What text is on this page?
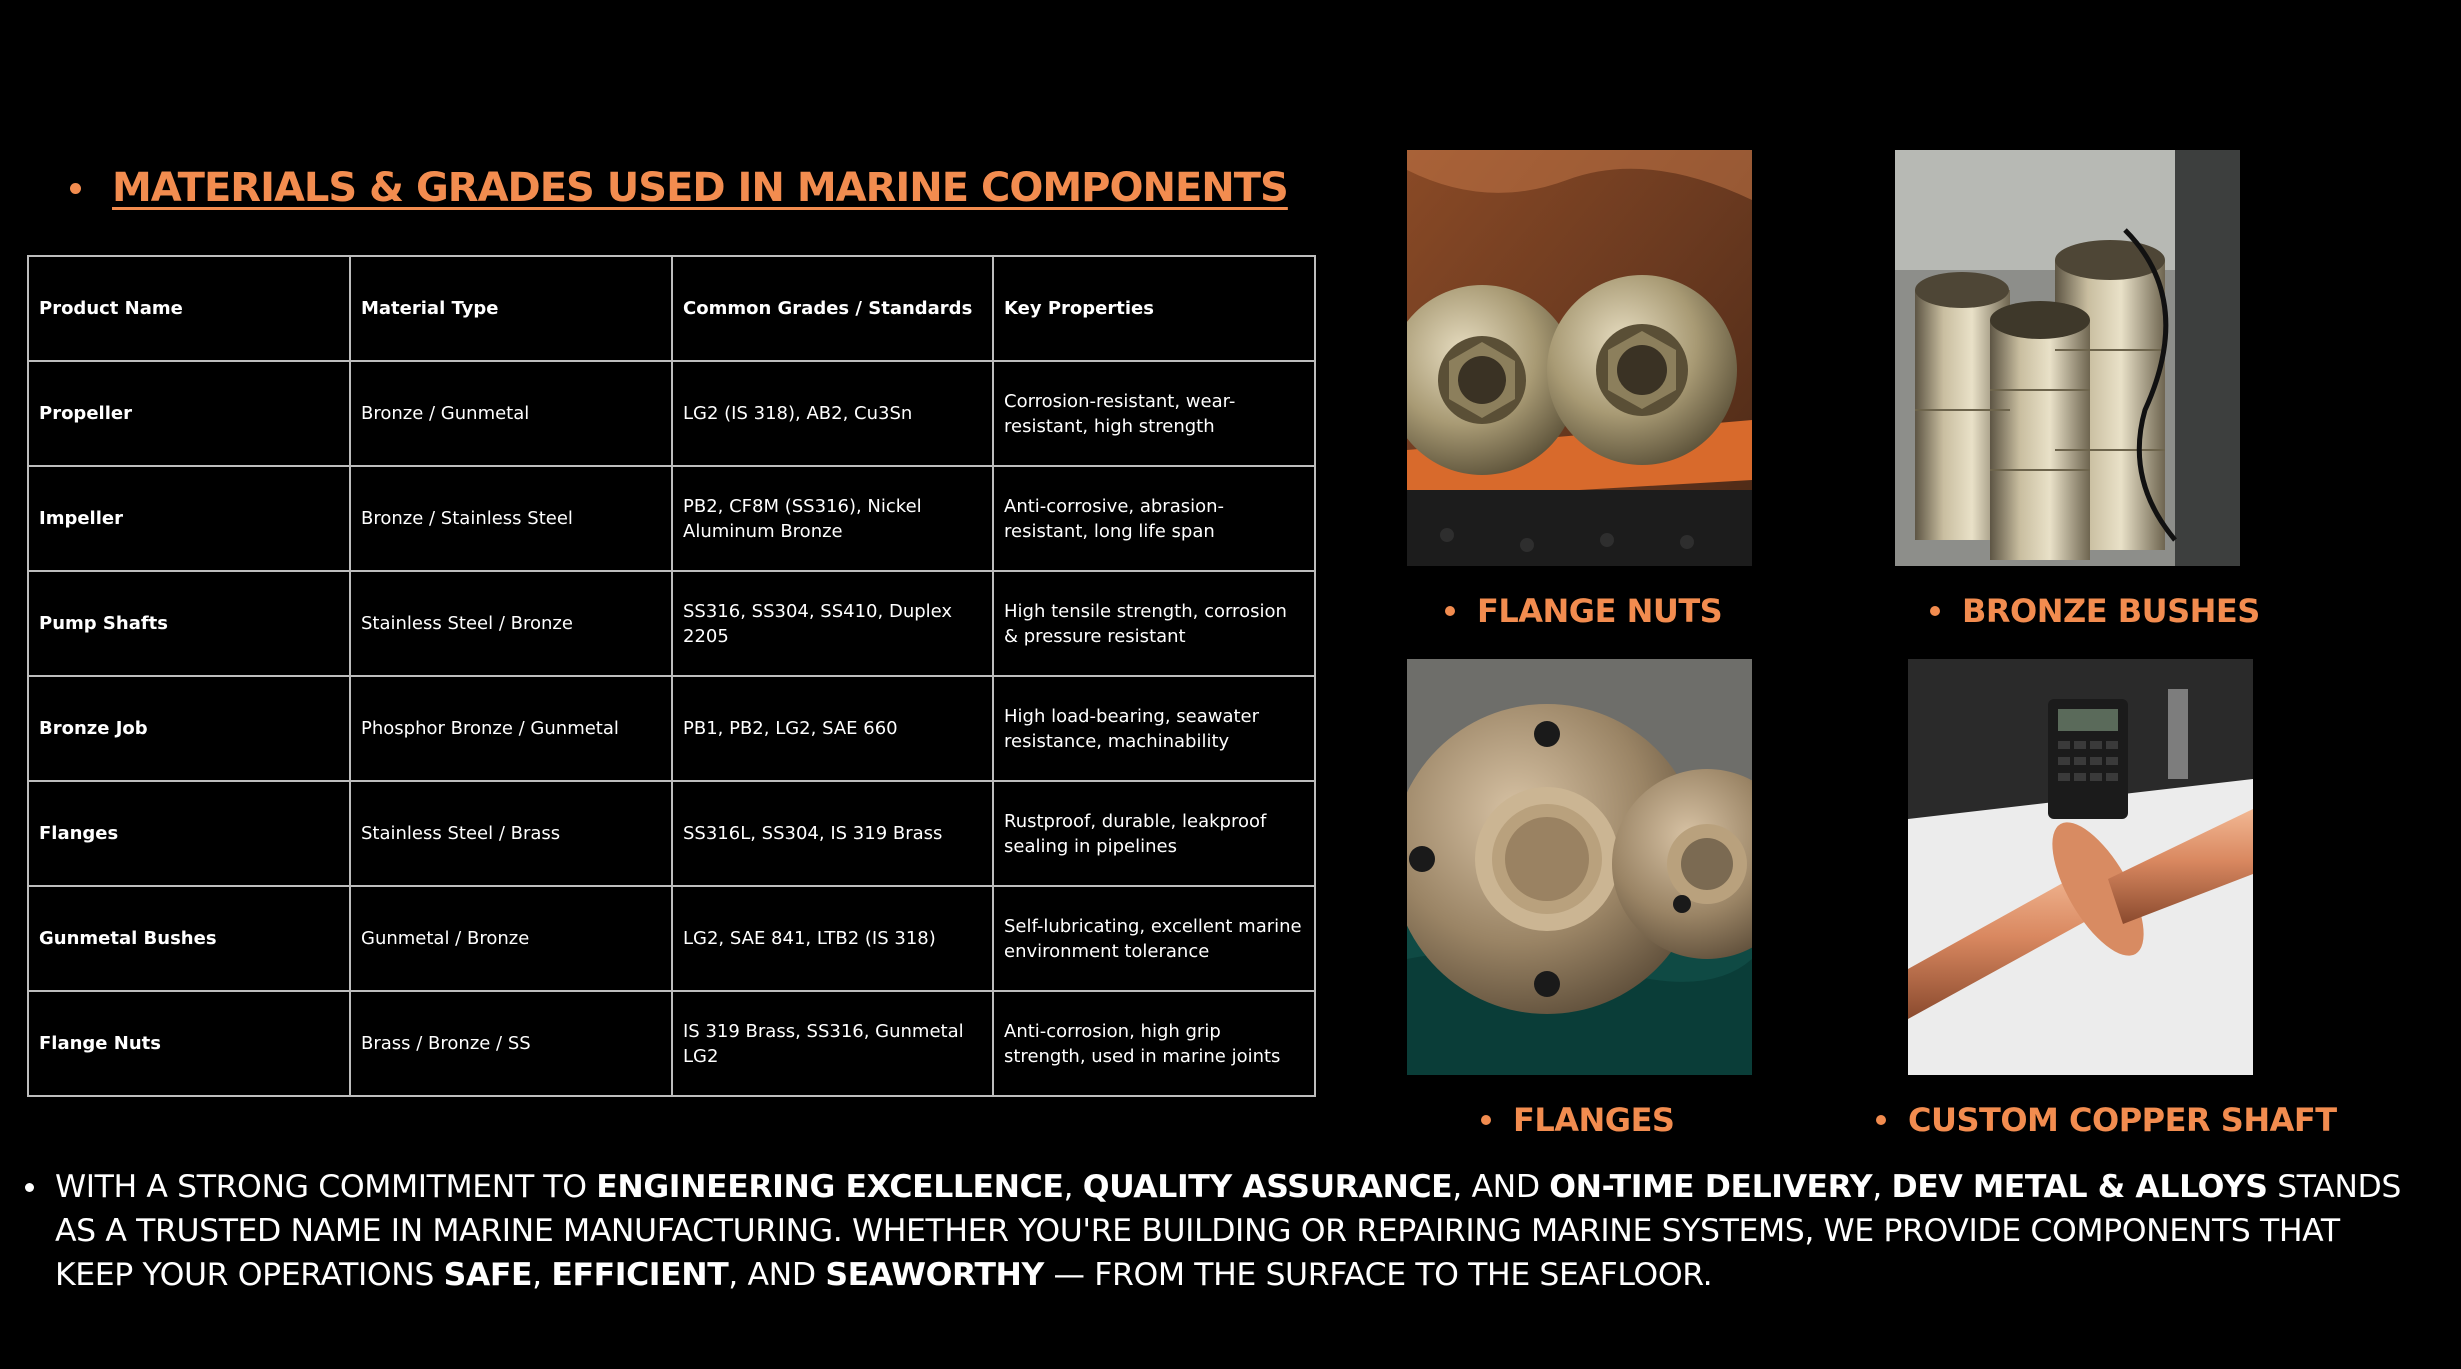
MATERIALS & GRADES USED IN MARINE COMPONENTS
Product Name	Material Type	Common Grades / Standards	Key Properties
Propeller	Bronze / Gunmetal	LG2 (IS 318), AB2, Cu3Sn	Corrosion-resistant, wear-resistant, high strength
Impeller	Bronze / Stainless Steel	PB2, CF8M (SS316), Nickel Aluminum Bronze	Anti-corrosive, abrasion-resistant, long life span
Pump Shafts	Stainless Steel / Bronze	SS316, SS304, SS410, Duplex 2205	High tensile strength, corrosion & pressure resistant
Bronze Job	Phosphor Bronze / Gunmetal	PB1, PB2, LG2, SAE 660	High load-bearing, seawater resistance, machinability
Flanges	Stainless Steel / Brass	SS316L, SS304, IS 319 Brass	Rustproof, durable, leakproof sealing in pipelines
Gunmetal Bushes	Gunmetal / Bronze	LG2, SAE 841, LTB2 (IS 318)	Self-lubricating, excellent marine environment tolerance
Flange Nuts	Brass / Bronze / SS	IS 319 Brass, SS316, Gunmetal LG2	Anti-corrosion, high grip strength, used in marine joints
FLANGE NUTS	BRONZE BUSHES
FLANGES	CUSTOM COPPER SHAFT
WITH A STRONG COMMITMENT TO ENGINEERING EXCELLENCE, QUALITY ASSURANCE, AND ON-TIME DELIVERY, DEV METAL & ALLOYS STANDS AS A TRUSTED NAME IN MARINE MANUFACTURING. WHETHER YOU'RE BUILDING OR REPAIRING MARINE SYSTEMS, WE PROVIDE COMPONENTS THAT KEEP YOUR OPERATIONS SAFE, EFFICIENT, AND SEAWORTHY — FROM THE SURFACE TO THE SEAFLOOR.
